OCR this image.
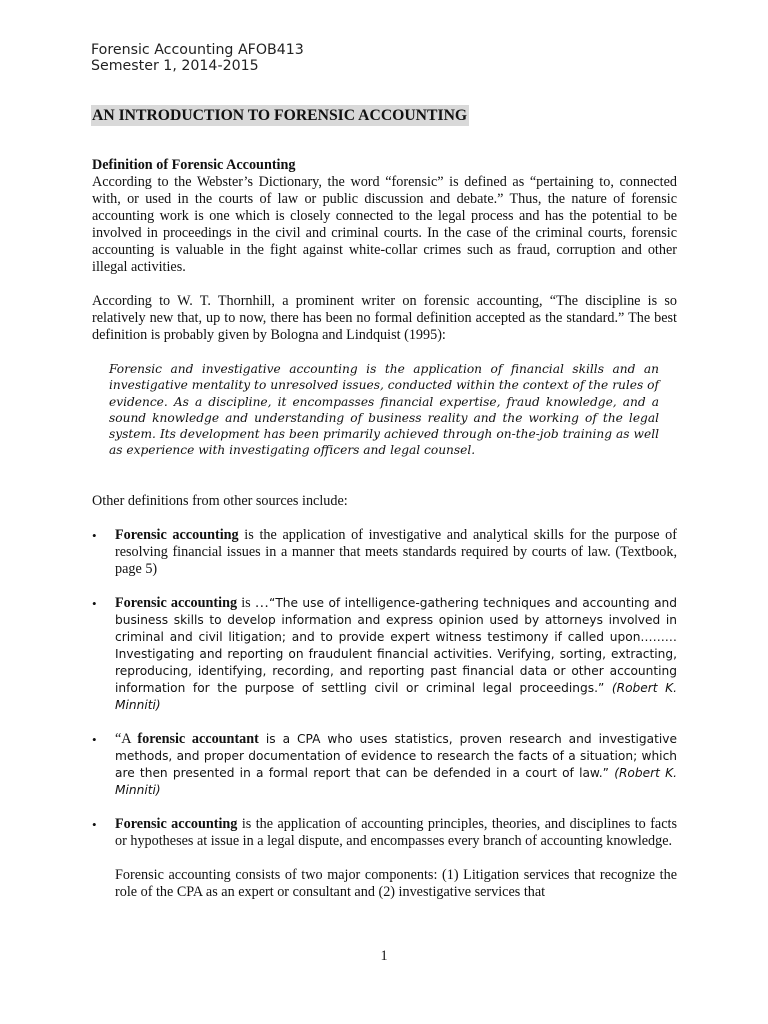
Forensic Accounting AFOB413
Semester 1, 2014-2015
AN INTRODUCTION TO FORENSIC ACCOUNTING

Definition of Forensic Accounting

According to the Webster’s Dictionary, the word “forensic” is defined as “pertaining to, connected with, or used in the courts of law or public discussion and debate.” Thus, the nature of forensic accounting work is one which is closely connected to the legal process and has the potential to be involved in proceedings in the civil and criminal courts. In the case of the criminal courts, forensic accounting is valuable in the fight against white-collar crimes such as fraud, corruption and other illegal activities.

According to W. T. Thornhill, a prominent writer on forensic accounting, “The discipline is so relatively new that, up to now, there has been no formal definition accepted as the standard.” The best definition is probably given by Bologna and Lindquist (1995):

Forensic and investigative accounting is the application of financial skills and an investigative mentality to unresolved issues, conducted within the context of the rules of evidence. As a discipline, it encompasses financial expertise, fraud knowledge, and a sound knowledge and understanding of business reality and the working of the legal system. Its development has been primarily achieved through on-the-job training as well as experience with investigating officers and legal counsel.

Other definitions from other sources include:

• Forensic accounting is the application of investigative and analytical skills for the purpose of resolving financial issues in a manner that meets standards required by courts of law. (Textbook, page 5)
• Forensic accounting is …“The use of intelligence-gathering techniques and accounting and business skills to develop information and express opinion used by attorneys involved in criminal and civil litigation; and to provide expert witness testimony if called upon……… Investigating and reporting on fraudulent financial activities. Verifying, sorting, extracting, reproducing, identifying, recording, and reporting past financial data or other accounting information for the purpose of settling civil or criminal legal proceedings.” (Robert K. Minniti)
• “A forensic accountant is a CPA who uses statistics, proven research and investigative methods, and proper documentation of evidence to research the facts of a situation; which are then presented in a formal report that can be defended in a court of law.” (Robert K. Minniti)
• Forensic accounting is the application of accounting principles, theories, and disciplines to facts or hypotheses at issue in a legal dispute, and encompasses every branch of accounting knowledge.

Forensic accounting consists of two major components: (1) Litigation services that recognize the role of the CPA as an expert or consultant and (2) investigative services that

1
